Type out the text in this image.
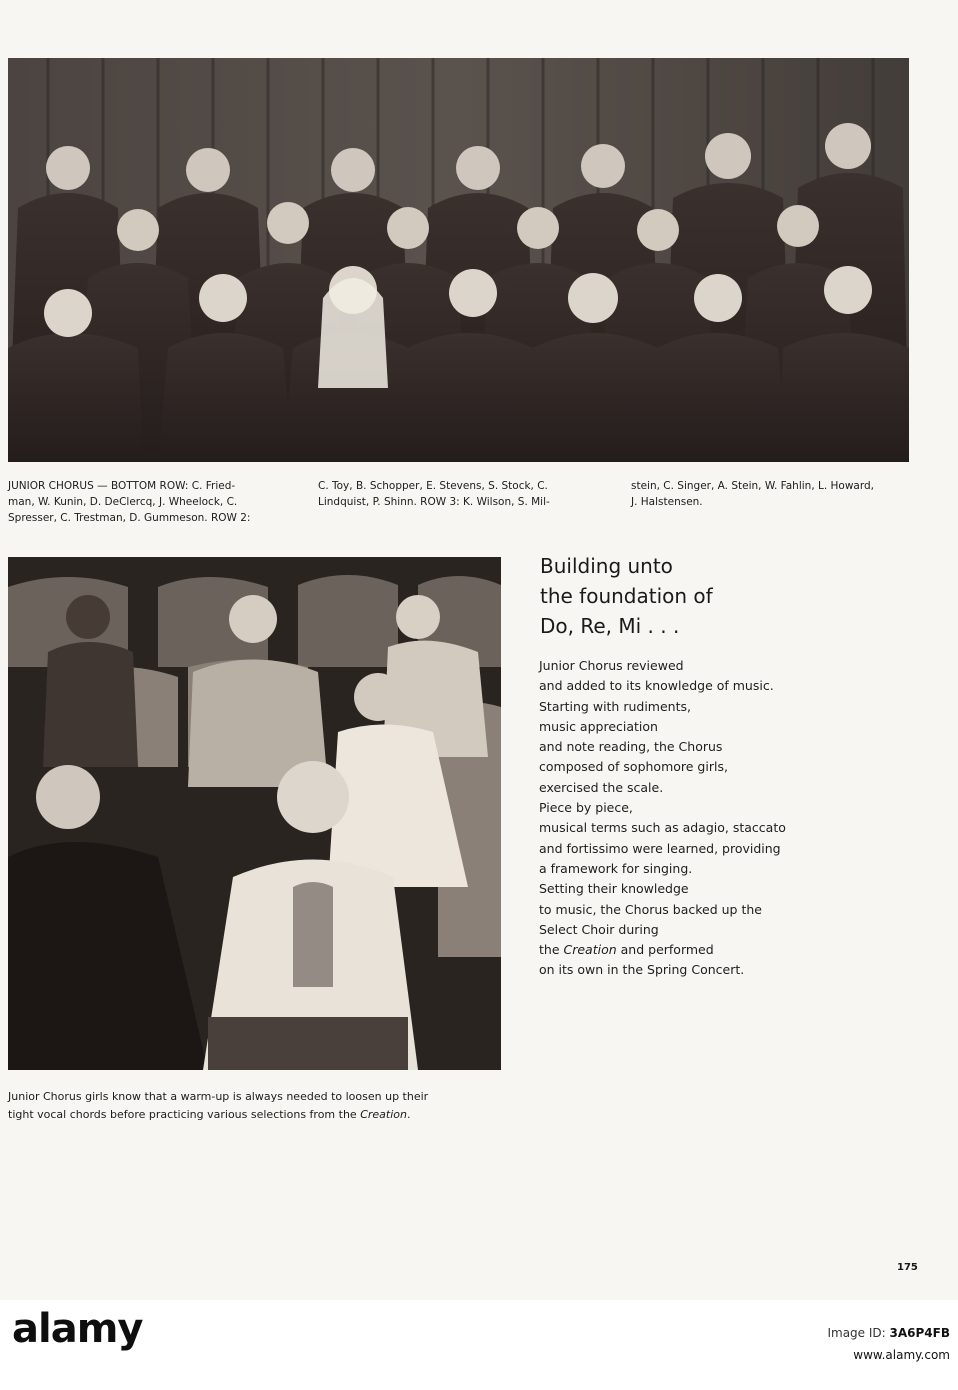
JUNIOR CHORUS — BOTTOM ROW: C. Fried-
man, W. Kunin, D. DeClercq, J. Wheelock, C.
Spresser, C. Trestman, D. Gummeson. ROW 2:
C. Toy, B. Schopper, E. Stevens, S. Stock, C.
Lindquist, P. Shinn. ROW 3: K. Wilson, S. Mil-
stein, C. Singer, A. Stein, W. Fahlin, L. Howard,
J. Halstensen.
Building unto
the foundation of
Do, Re, Mi . . .
Junior Chorus reviewed
and added to its knowledge of music.
Starting with rudiments,
music appreciation
and note reading, the Chorus
composed of sophomore girls,
exercised the scale.
Piece by piece,
musical terms such as adagio, staccato
and fortissimo were learned, providing
a framework for singing.
Setting their knowledge
to music, the Chorus backed up the
Select Choir during
the Creation and performed
on its own in the Spring Concert.
Junior Chorus girls know that a warm-up is always needed to loosen up their
tight vocal chords before practicing various selections from the Creation.
175
alamy	Image ID: 3A6P4FB
www.alamy.com
